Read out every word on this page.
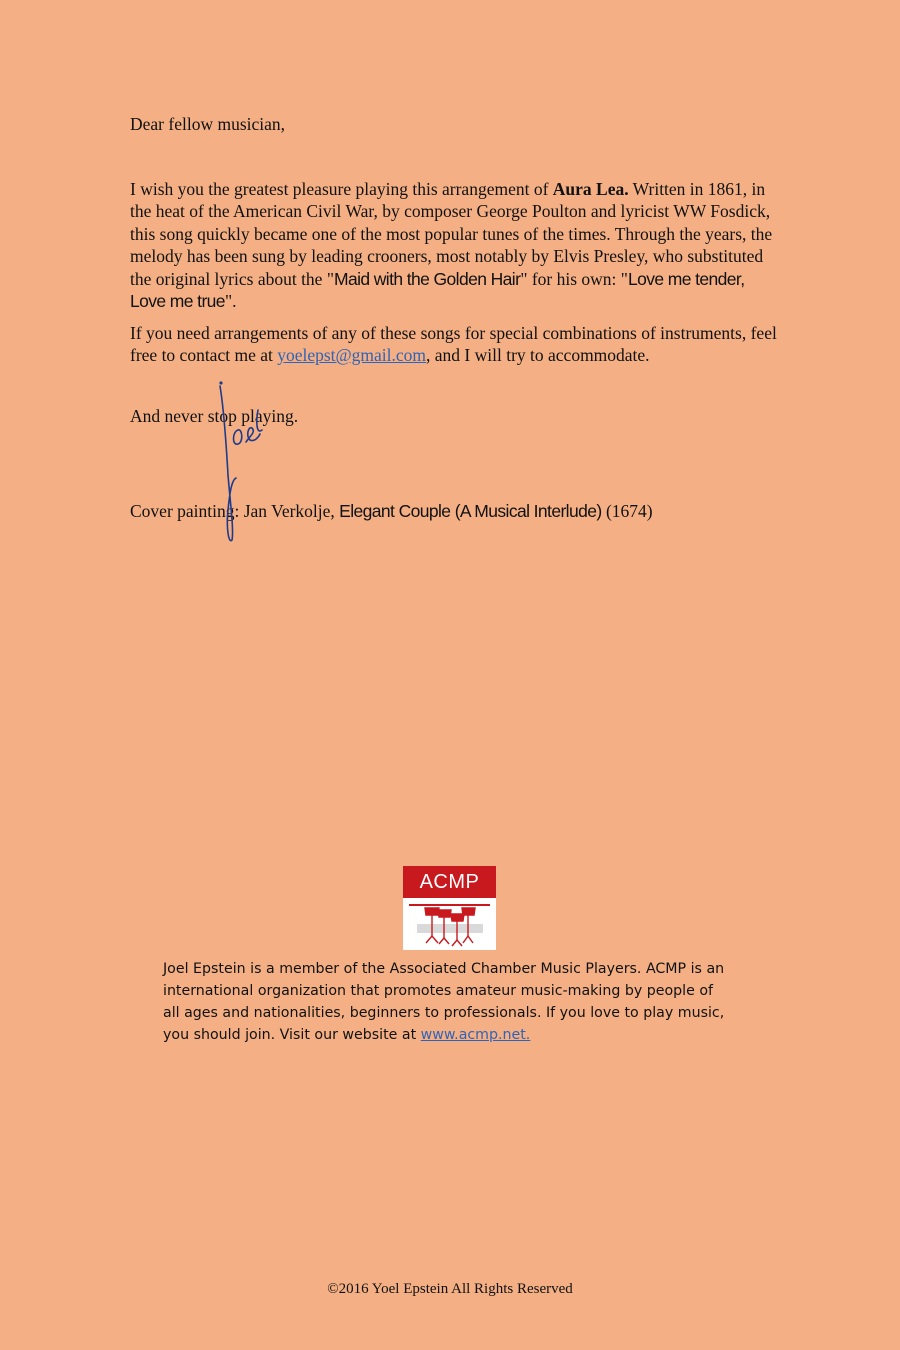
Dear fellow musician,

I wish you the greatest pleasure playing this arrangement of Aura Lea. Written in 1861, in the heat of the American Civil War, by composer George Poulton and lyricist WW Fosdick, this song quickly became one of the most popular tunes of the times. Through the years, the melody has been sung by leading crooners, most notably by Elvis Presley, who substituted the original lyrics about the "Maid with the Golden Hair" for his own: "Love me tender, Love me true".

If you need arrangements of any of these songs for special combinations of instruments, feel free to contact me at yoelepst@gmail.com, and I will try to accommodate.

And never stop playing.

Cover painting: Jan Verkolje, Elegant Couple (A Musical Interlude) (1674)

ACMP

Joel Epstein is a member of the Associated Chamber Music Players. ACMP is an international organization that promotes amateur music-making by people of all ages and nationalities, beginners to professionals. If you love to play music, you should join. Visit our website at www.acmp.net.

©2016 Yoel Epstein All Rights Reserved
